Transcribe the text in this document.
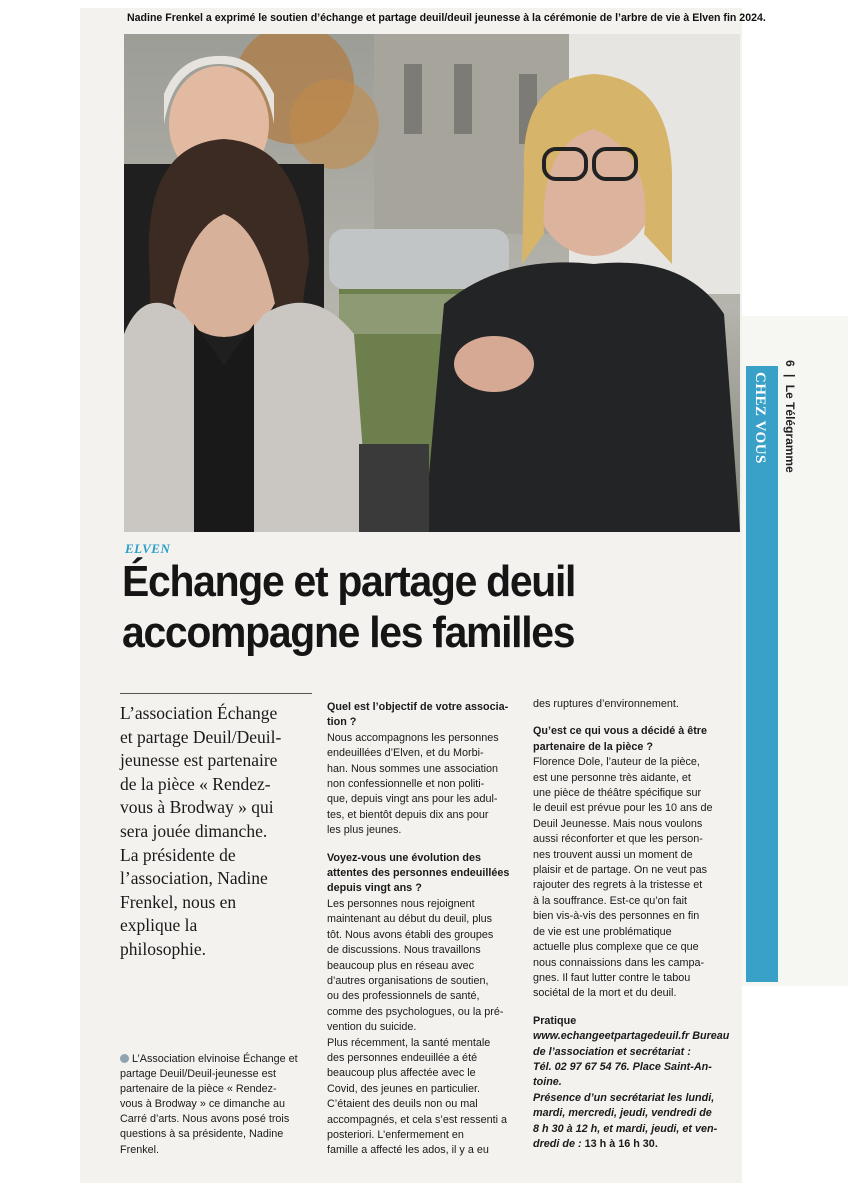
CHEZ VOUS
6 | Le Télégramme
Nadine Frenkel a exprimé le soutien d’échange et partage deuil/deuil jeunesse à la cérémonie de l’arbre de vie à Elven fin 2024.
ELVEN
Échange et partage deuil
accompagne les familles
L’association Échange
et partage Deuil/Deuil-
jeunesse est partenaire
de la pièce « Rendez-
vous à Brodway » qui
sera jouée dimanche.
La présidente de
l’association, Nadine
Frenkel, nous en
explique la
philosophie.
L’Association elvinoise Échange et
partage Deuil/Deuil-jeunesse est
partenaire de la pièce « Rendez-
vous à Brodway » ce dimanche au
Carré d’arts. Nous avons posé trois
questions à sa présidente, Nadine
Frenkel.
Quel est l’objectif de votre associa-
tion ?
Nous accompagnons les personnes
endeuillées d’Elven, et du Morbi-
han. Nous sommes une association
non confessionnelle et non politi-
que, depuis vingt ans pour les adul-
tes, et bientôt depuis dix ans pour
les plus jeunes.
Voyez-vous une évolution des
attentes des personnes endeuillées
depuis vingt ans ?
Les personnes nous rejoignent
maintenant au début du deuil, plus
tôt. Nous avons établi des groupes
de discussions. Nous travaillons
beaucoup plus en réseau avec
d’autres organisations de soutien,
ou des professionnels de santé,
comme des psychologues, ou la pré-
vention du suicide.
Plus récemment, la santé mentale
des personnes endeuillée a été
beaucoup plus affectée avec le
Covid, des jeunes en particulier.
C’étaient des deuils non ou mal
accompagnés, et cela s’est ressenti a
posteriori. L’enfermement en
famille a affecté les ados, il y a eu
des ruptures d’environnement.
Qu’est ce qui vous a décidé à être
partenaire de la pièce ?
Florence Dole, l’auteur de la pièce,
est une personne très aidante, et
une pièce de théâtre spécifique sur
le deuil est prévue pour les 10 ans de
Deuil Jeunesse. Mais nous voulons
aussi réconforter et que les person-
nes trouvent aussi un moment de
plaisir et de partage. On ne veut pas
rajouter des regrets à la tristesse et
à la souffrance. Est-ce qu’on fait
bien vis-à-vis des personnes en fin
de vie est une problématique
actuelle plus complexe que ce que
nous connaissions dans les campa-
gnes. Il faut lutter contre le tabou
sociétal de la mort et du deuil.
Pratique
www.echangeetpartagedeuil.fr Bureau
de l’association et secrétariat :
Tél. 02 97 67 54 76. Place Saint-An-
toine.
Présence d’un secrétariat les lundi,
mardi, mercredi, jeudi, vendredi de
8 h 30 à 12 h, et mardi, jeudi, et ven-
dredi de : 13 h à 16 h 30.
